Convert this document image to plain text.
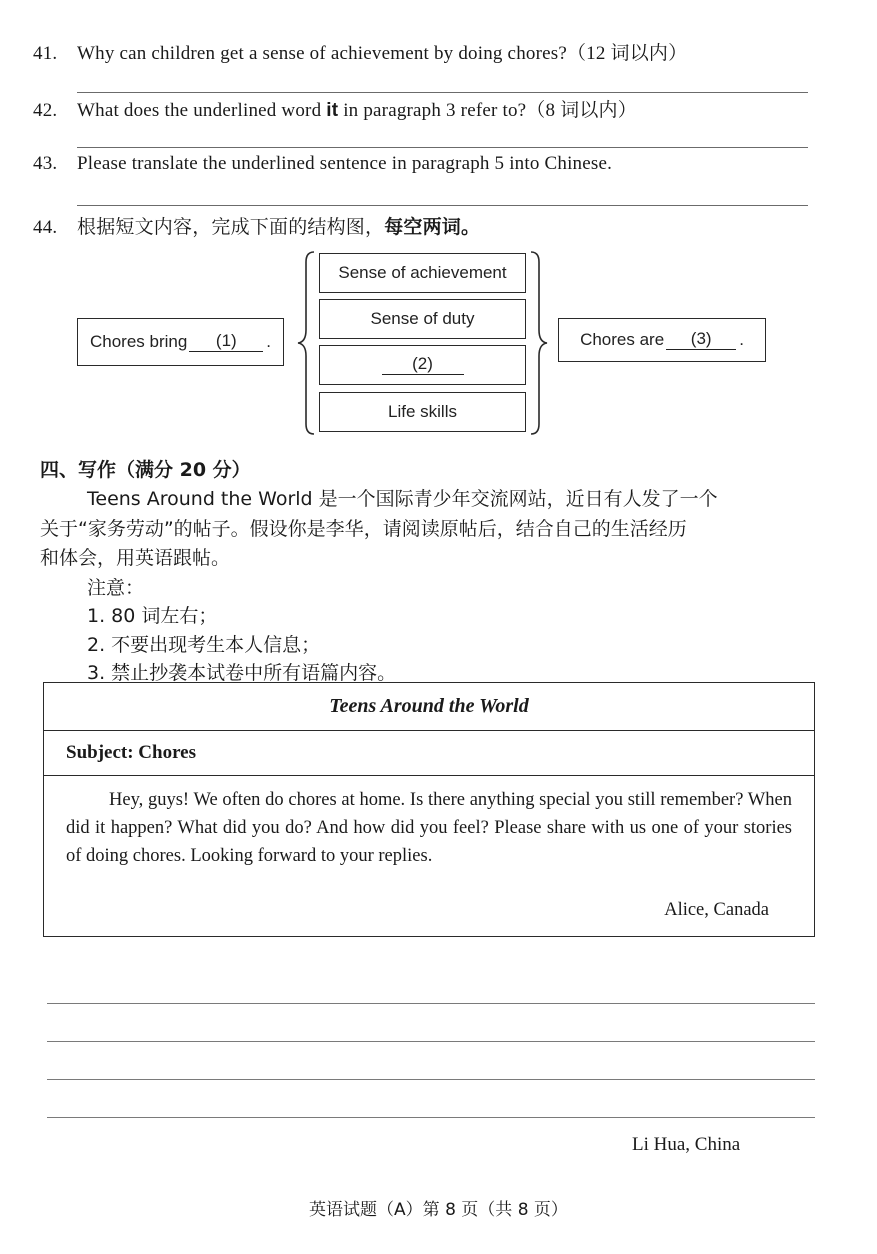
41. Why can children get a sense of achievement by doing chores?（12 词以内）
42. What does the underlined word it in paragraph 3 refer to?（8 词以内）
43. Please translate the underlined sentence in paragraph 5 into Chinese.
44. 根据短文内容，完成下面的结构图，每空两词。
Chores bring	(1)	.
Sense of achievement
Sense of duty
(2)
Life skills
Chores are	(3)	.
四、写作（满分 20 分）
Teens Around the World 是一个国际青少年交流网站，近日有人发了一个
关于“家务劳动”的帖子。假设你是李华，请阅读原帖后，结合自己的生活经历
和体会，用英语跟帖。
注意：
1. 80 词左右；
2. 不要出现考生本人信息；
3. 禁止抄袭本试卷中所有语篇内容。
Teens Around the World
Subject: Chores
Hey, guys! We often do chores at home. Is there anything special you still remember? When did it happen? What did you do? And how did you feel? Please share with us one of your stories of doing chores. Looking forward to your replies.
Alice, Canada
Li Hua, China
英语试题（A）第 8 页（共 8 页）
